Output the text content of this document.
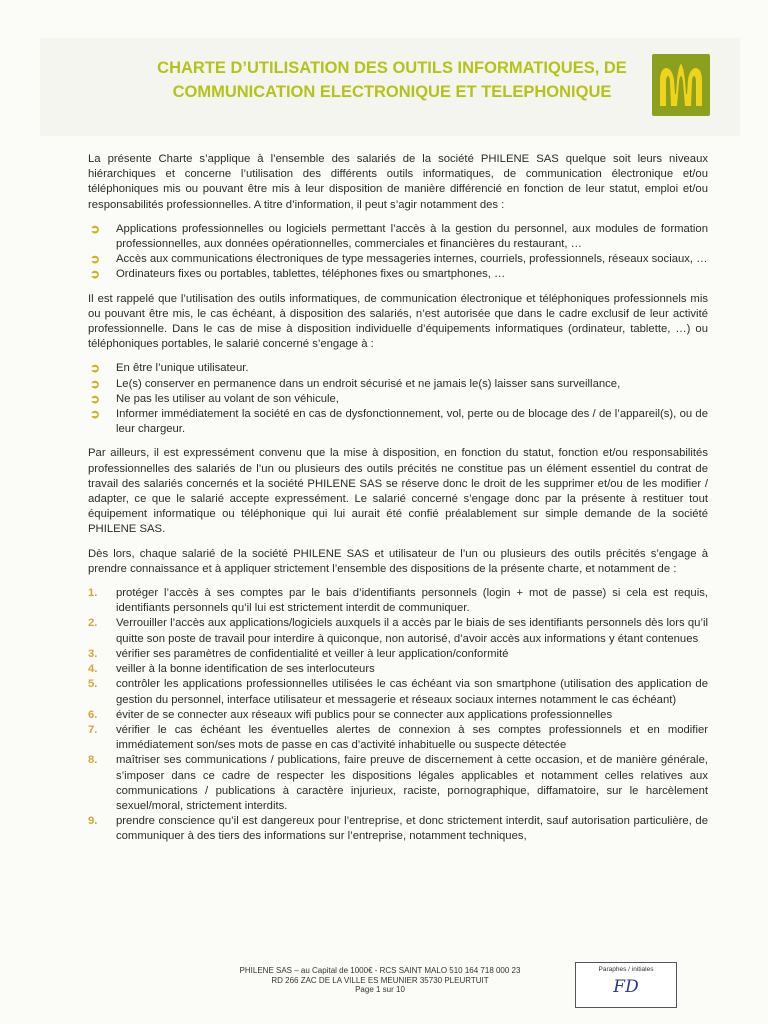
CHARTE D’UTILISATION DES OUTILS INFORMATIQUES, DE
COMMUNICATION ELECTRONIQUE ET TELEPHONIQUE

La présente Charte s’applique à l’ensemble des salariés de la société PHILENE SAS quelque soit leurs niveaux hiérarchiques et concerne l’utilisation des différents outils informatiques, de communication électronique et/ou téléphoniques mis ou pouvant être mis à leur disposition de manière différencié en fonction de leur statut, emploi et/ou responsabilités professionnelles. A titre d’information, il peut s’agir notamment des :

➲ Applications professionnelles ou logiciels permettant l’accès à la gestion du personnel, aux modules de formation professionnelles, aux données opérationnelles, commerciales et financières du restaurant, …
➲ Accès aux communications électroniques de type messageries internes, courriels, professionnels, réseaux sociaux, …
➲ Ordinateurs fixes ou portables, tablettes, téléphones fixes ou smartphones, …

Il est rappelé que l’utilisation des outils informatiques, de communication électronique et téléphoniques professionnels mis ou pouvant être mis, le cas échéant, à disposition des salariés, n’est autorisée que dans le cadre exclusif de leur activité professionnelle. Dans le cas de mise à disposition individuelle d’équipements informatiques (ordinateur, tablette, …) ou téléphoniques portables, le salarié concerné s’engage à :

➲ En être l’unique utilisateur.
➲ Le(s) conserver en permanence dans un endroit sécurisé et ne jamais le(s) laisser sans surveillance,
➲ Ne pas les utiliser au volant de son véhicule,
➲ Informer immédiatement la société en cas de dysfonctionnement, vol, perte ou de blocage des / de l’appareil(s), ou de leur chargeur.

Par ailleurs, il est expressément convenu que la mise à disposition, en fonction du statut, fonction et/ou responsabilités professionnelles des salariés de l’un ou plusieurs des outils précités ne constitue pas un élément essentiel du contrat de travail des salariés concernés et la société PHILENE SAS se réserve donc le droit de les supprimer et/ou de les modifier / adapter, ce que le salarié accepte expressément. Le salarié concerné s’engage donc par la présente à restituer tout équipement informatique ou téléphonique qui lui aurait été confié préalablement sur simple demande de la société PHILENE SAS.

Dès lors, chaque salarié de la société PHILENE SAS et utilisateur de l’un ou plusieurs des outils précités s’engage à prendre connaissance et à appliquer strictement l’ensemble des dispositions de la présente charte, et notamment de :

1. protéger l’accès à ses comptes par le bais d’identifiants personnels (login + mot de passe) si cela est requis, identifiants personnels qu’il lui est strictement interdit de communiquer.
2. Verrouiller l’accès aux applications/logiciels auxquels il a accès par le biais de ses identifiants personnels dès lors qu’il quitte son poste de travail pour interdire à quiconque, non autorisé, d’avoir accès aux informations y étant contenues
3. vérifier ses paramètres de confidentialité et veiller à leur application/conformité
4. veiller à la bonne identification de ses interlocuteurs
5. contrôler les applications professionnelles utilisées le cas échéant via son smartphone (utilisation des application de gestion du personnel, interface utilisateur et messagerie et réseaux sociaux internes notamment le cas échéant)
6. éviter de se connecter aux réseaux wifi publics pour se connecter aux applications professionnelles
7. vérifier le cas échéant les éventuelles alertes de connexion à ses comptes professionnels et en modifier immédiatement son/ses mots de passe en cas d’activité inhabituelle ou suspecte détectée
8. maîtriser ses communications / publications, faire preuve de discernement à cette occasion, et de manière générale, s’imposer dans ce cadre de respecter les dispositions légales applicables et notamment celles relatives aux communications / publications à caractère injurieux, raciste, pornographique, diffamatoire, sur le harcèlement sexuel/moral, strictement interdits.
9. prendre conscience qu’il est dangereux pour l’entreprise, et donc strictement interdit, sauf autorisation particulière, de communiquer à des tiers des informations sur l’entreprise, notamment techniques,
PHILENE SAS – au Capital de 1000€ - RCS SAINT MALO 510 164 718 000 23
RD 266 ZAC DE LA VILLE ES MEUNIER 35730 PLEURTUIT
Page 1 sur 10
Paraphes / initiales
FD
